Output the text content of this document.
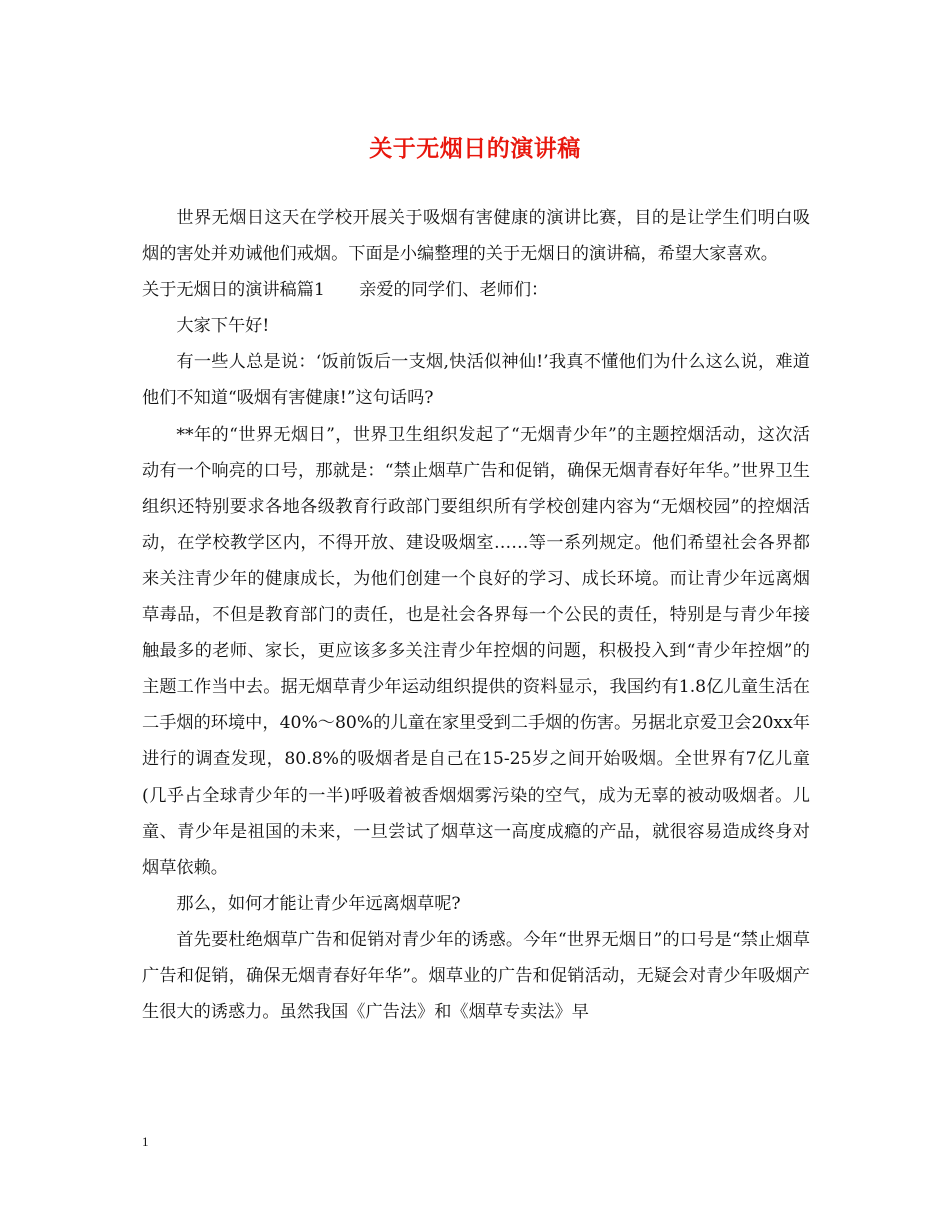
关于无烟日的演讲稿

世界无烟日这天在学校开展关于吸烟有害健康的演讲比赛，目的是让学生们明白吸烟的害处并劝诫他们戒烟。下面是小编整理的关于无烟日的演讲稿，希望大家喜欢。

关于无烟日的演讲稿篇1　　亲爱的同学们、老师们：

大家下午好!

有一些人总是说：‘饭前饭后一支烟,快活似神仙!’我真不懂他们为什么这么说，难道他们不知道“吸烟有害健康!”这句话吗?

**年的“世界无烟日”，世界卫生组织发起了“无烟青少年”的主题控烟活动，这次活动有一个响亮的口号，那就是：“禁止烟草广告和促销，确保无烟青春好年华。”世界卫生组织还特别要求各地各级教育行政部门要组织所有学校创建内容为“无烟校园”的控烟活动，在学校教学区内，不得开放、建设吸烟室……等一系列规定。他们希望社会各界都来关注青少年的健康成长，为他们创建一个良好的学习、成长环境。而让青少年远离烟草毒品，不但是教育部门的责任，也是社会各界每一个公民的责任，特别是与青少年接触最多的老师、家长，更应该多多关注青少年控烟的问题，积极投入到“青少年控烟”的主题工作当中去。据无烟草青少年运动组织提供的资料显示，我国约有1.8亿儿童生活在二手烟的环境中，40%～80%的儿童在家里受到二手烟的伤害。另据北京爱卫会20xx年进行的调查发现，80.8%的吸烟者是自己在15-25岁之间开始吸烟。全世界有7亿儿童(几乎占全球青少年的一半)呼吸着被香烟烟雾污染的空气，成为无辜的被动吸烟者。儿童、青少年是祖国的未来，一旦尝试了烟草这一高度成瘾的产品，就很容易造成终身对烟草依赖。

那么，如何才能让青少年远离烟草呢?

首先要杜绝烟草广告和促销对青少年的诱惑。今年“世界无烟日”的口号是“禁止烟草广告和促销，确保无烟青春好年华”。烟草业的广告和促销活动，无疑会对青少年吸烟产生很大的诱惑力。虽然我国《广告法》和《烟草专卖法》早

1
